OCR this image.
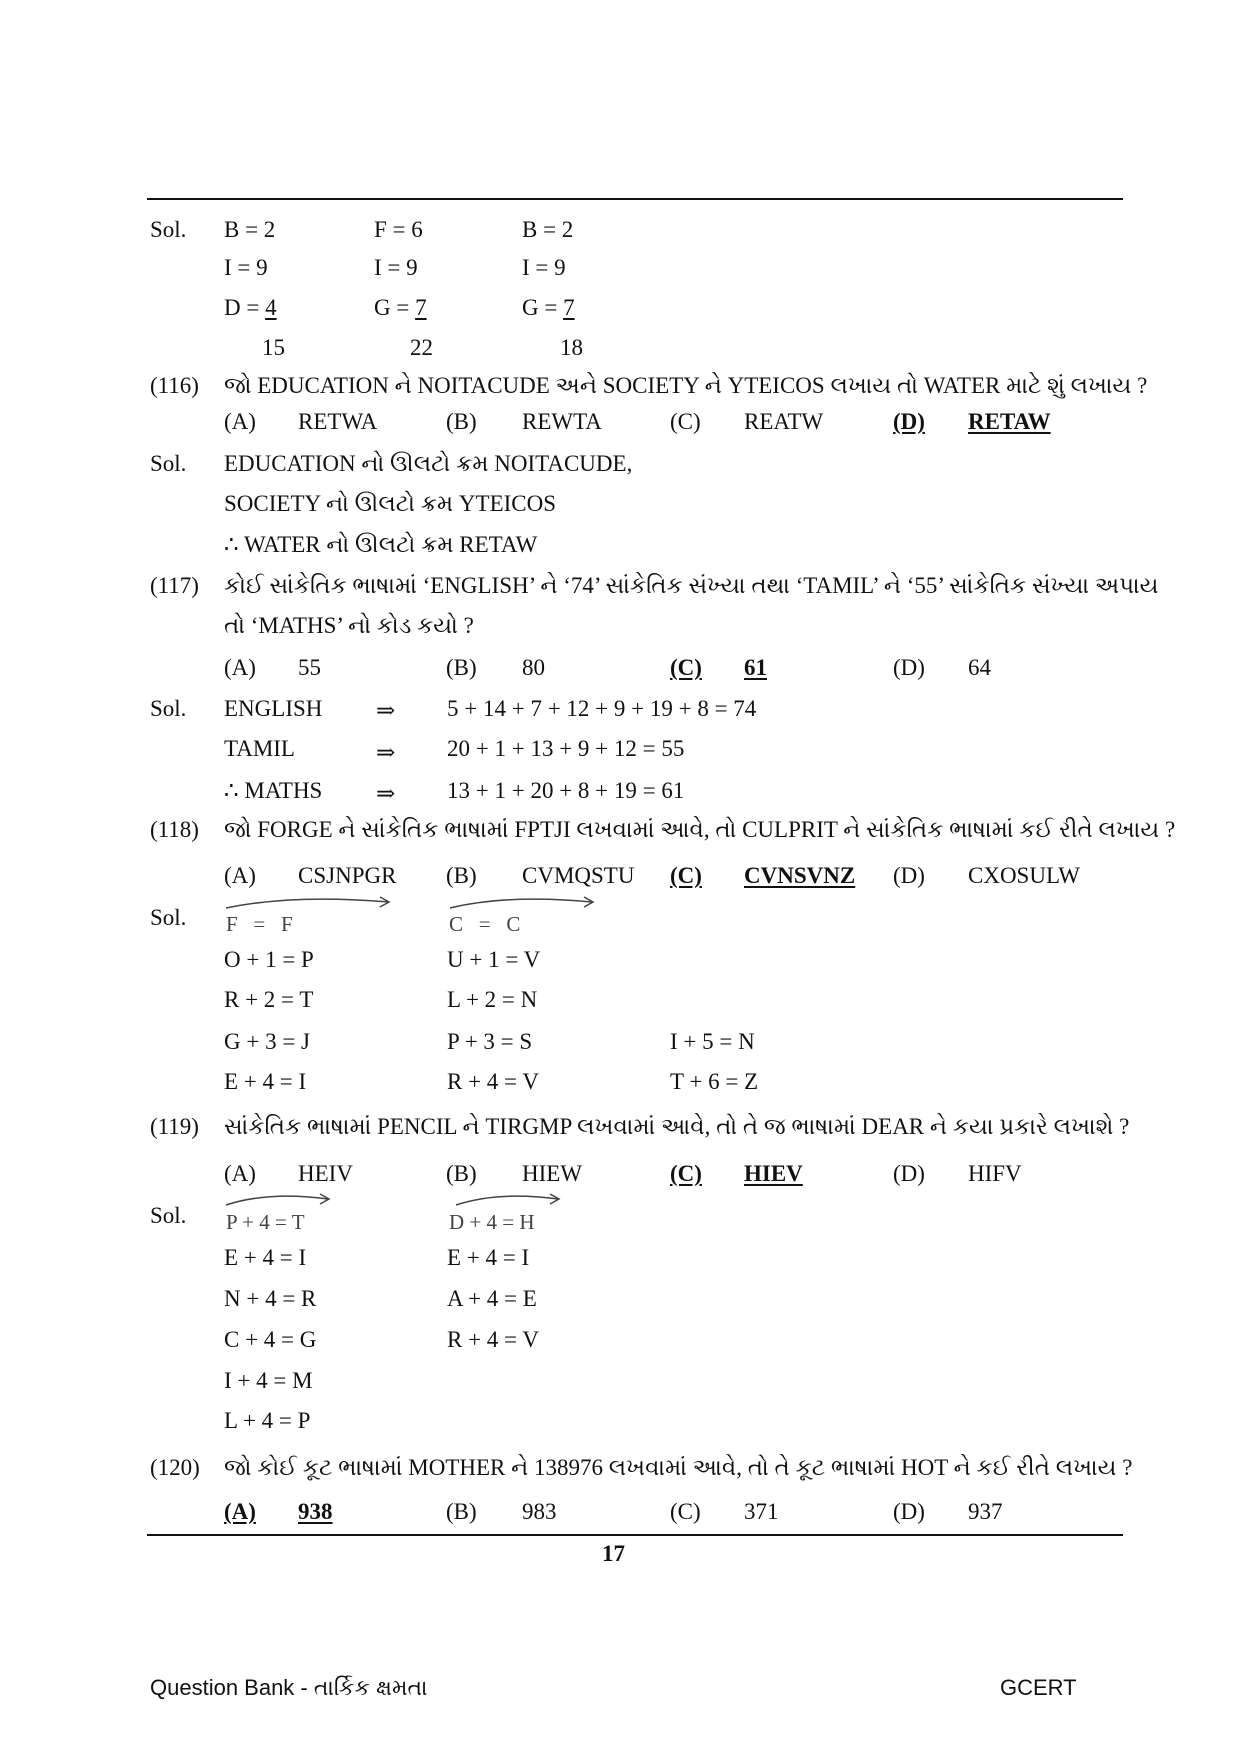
Sol. B = 2	F = 6	B = 2
I = 9	I = 9	I = 9
D = 4	G = 7	G = 7
15	22	18
(116) જો EDUCATION ને NOITACUDE અને SOCIETY ને YTEICOS લખાય તો WATER માટે શું લખાય ?
(A) RETWA	(B) REWTA	(C) REATW	(D) RETAW
Sol. EDUCATION નો ઊલટો ક્રમ NOITACUDE,
SOCIETY નો ઊલટો ક્રમ YTEICOS
∴ WATER નો ઊલટો ક્રમ RETAW
(117) કોઈ સાંકેતિક ભાષામાં ‘ENGLISH’ ને ‘74’ સાંકેતિક સંખ્યા તથા ‘TAMIL’ ને ‘55’ સાંકેતિક સંખ્યા અપાય
તો ‘MATHS’ નો કોડ કયો ?
(A) 55	(B) 80	(C) 61	(D) 64
Sol. ENGLISH ⇒ 5 + 14 + 7 + 12 + 9 + 19 + 8 = 74
TAMIL	⇒ 20 + 1 + 13 + 9 + 12 = 55
∴ MATHS ⇒ 13 + 1 + 20 + 8 + 19 = 61
(118) જો FORGE ને સાંકેતિક ભાષામાં FPTJI લખવામાં આવે, તો CULPRIT ને સાંકેતિક ભાષામાં કઈ રીતે લખાય ?
(A) CSJNPGR (B) CVMQSTU (C) CVNSVNZ (D) CXOSULW
Sol. F   =   F	C   =   C
O + 1 = P	U + 1 = V
R + 2 = T	L + 2 = N
G + 3 = J	P + 3 = S	I + 5 = N
E + 4 = I	R + 4 = V	T + 6 = Z
(119) સાંકેતિક ભાષામાં PENCIL ને TIRGMP લખવામાં આવે, તો તે જ ભાષામાં DEAR ને કયા પ્રકારે લખાશે ?
(A) HEIV	(B) HIEW	(C) HIEV	(D) HIFV
Sol. P + 4 = T	D + 4 = H
E + 4 = I	E + 4 = I
N + 4 = R	A + 4 = E
C + 4 = G	R + 4 = V
I + 4 = M
L + 4 = P
(120) જો કોઈ કૂટ ભાષામાં MOTHER ને 138976 લખવામાં આવે, તો તે કૂટ ભાષામાં HOT ને કઈ રીતે લખાય ?
(A) 938	(B) 983	(C) 371	(D) 937
17
Question Bank - તાર્કિક ક્ષમતા	GCERT
